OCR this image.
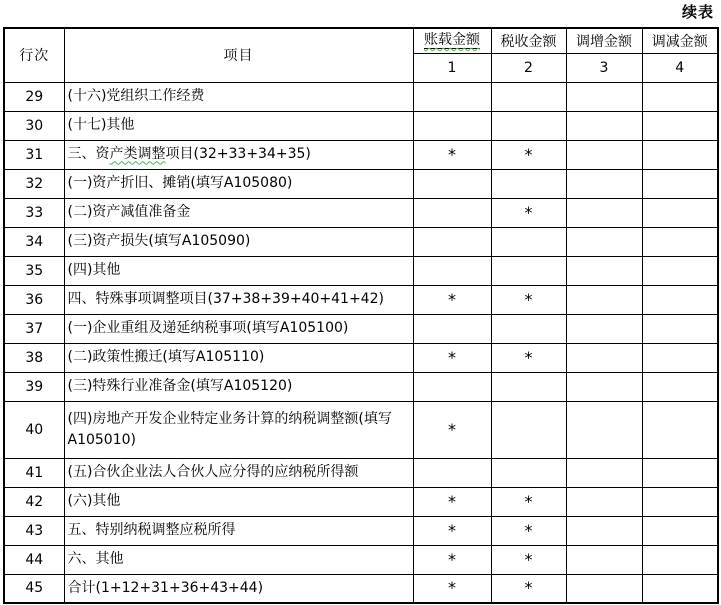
续表
行次	项目	账载金额	税收金额	调增金额	调减金额
		1	2	3	4
29	(十六)党组织工作经费				
30	(十七)其他				
31	三、资产类调整项目(32+33+34+35)	*	*		
32	(一)资产折旧、摊销(填写A105080)				
33	(二)资产减值准备金		*		
34	(三)资产损失(填写A105090)				
35	(四)其他				
36	四、特殊事项调整项目(37+38+39+40+41+42)	*	*		
37	(一)企业重组及递延纳税事项(填写A105100)				
38	(二)政策性搬迁(填写A105110)	*	*		
39	(三)特殊行业准备金(填写A105120)				
40	(四)房地产开发企业特定业务计算的纳税调整额(填写A105010)	*			
41	(五)合伙企业法人合伙人应分得的应纳税所得额				
42	(六)其他	*	*		
43	五、特别纳税调整应税所得	*	*		
44	六、其他	*	*		
45	合计(1+12+31+36+43+44)	*	*		
